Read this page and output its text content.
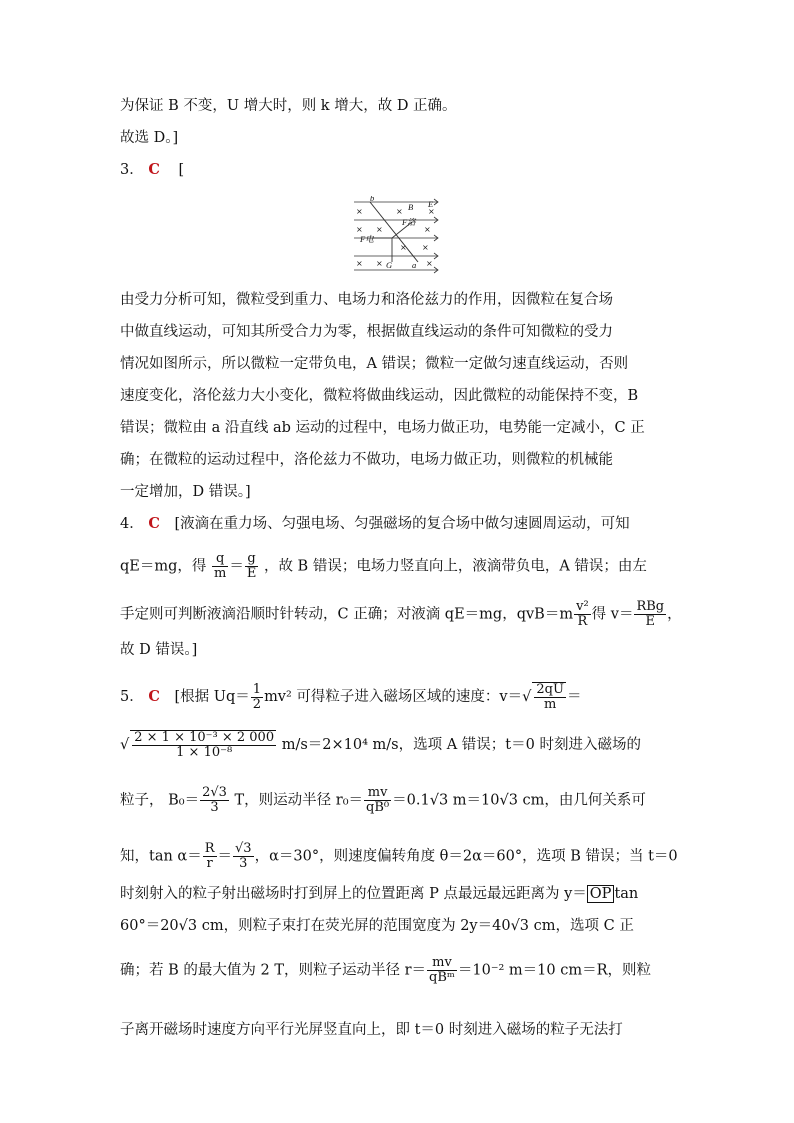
为保证 B 不变，U 增大时，则 k 增大，故 D 正确。
故选 D。]
3． C [
×	×	×
× ×	×
× ×
× ×	×
b
B E
F洛
F电
G a
由受力分析可知，微粒受到重力、电场力和洛伦兹力的作用，因微粒在复合场
中做直线运动，可知其所受合力为零，根据做直线运动的条件可知微粒的受力
情况如图所示，所以微粒一定带负电，A 错误；微粒一定做匀速直线运动，否则
速度变化，洛伦兹力大小变化，微粒将做曲线运动，因此微粒的动能保持不变，B
错误；微粒由 a 沿直线 ab 运动的过程中，电场力做正功，电势能一定减小，C 正
确；在微粒的运动过程中，洛伦兹力不做功，电场力做正功，则微粒的机械能
一定增加，D 错误。]
4． C [液滴在重力场、匀强电场、匀强磁场的复合场中做匀速圆周运动，可知
qE＝mg，得 $\frac{q}{m} = \frac{g}{E}$ ，故 B 错误；电场力竖直向上，液滴带负电，A 错误；由左
手定则可判断液滴沿顺时针转动，C 正确；对液滴 qE＝mg，$qvB=m \frac{\text{v²}}{R}$ 得 $v= \frac{\text{RBg}}{E}$ ，
故 D 错误。]
5． C [根据 $Uq= \frac{1}{2} mv^2$ 可得粒子进入磁场区域的速度：$v=√ \frac{2qU}{m}$ ＝
√ $\frac{\text{2 × 1 × 10⁻³ × 2 000}}{\text{1 × 10⁻⁸}} m/s=2\times 10^4$ m/s，选项 A 错误；t＝0 时刻进入磁场的
粒子， $B_0= \frac{2√3}{3}$ T，则运动半径 $r_0= \frac{mv}{\text{qB⁰}} =0.1√3$ m＝10√3 cm，由几何关系可
知，$\tan \alpha= \frac{R}{r} = \frac{√3}{3}$ ，α＝30°，则速度偏转角度 θ＝2α＝60°，选项 B 错误；当 t＝0
时刻射入的粒子射出磁场时打到屏上的位置距离 P 点最远最远距离为 y＝ OP tan
60°＝20√3 cm，则粒子束打在荧光屏的范围宽度为 2y＝40√3 cm，选项 C 正
确；若 B 的最大值为 2 T，则粒子运动半径 $r= \frac{mv}{\text{qBᵐ}} =10^{-2}$ m＝10 cm＝R，则粒
子离开磁场时速度方向平行光屏竖直向上，即 t＝0 时刻进入磁场的粒子无法打
